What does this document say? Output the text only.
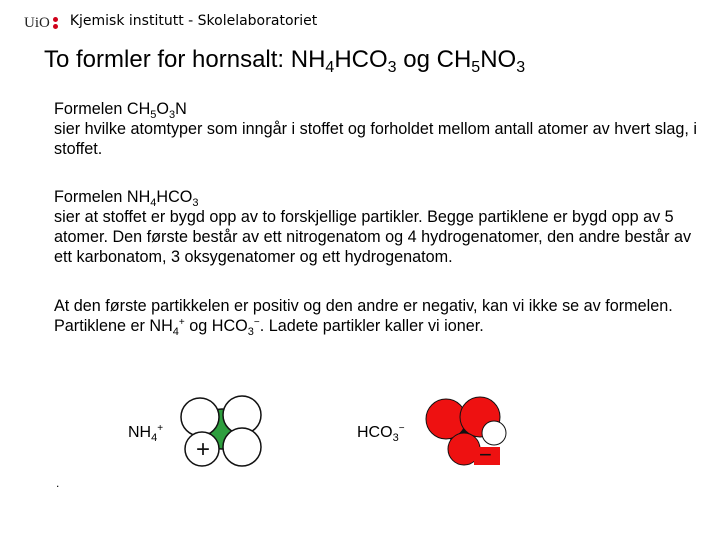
UiO Kjemisk institutt - Skolelaboratoriet
To formler for hornsalt: $NH_4HCO_3$ og $CH_5NO_3$
Formelen $CH_5O_3N$
sier hvilke atomtyper som inngår i stoffet og forholdet mellom antall atomer av hvert slag, i stoffet.
Formelen $NH_4HCO_3$
sier at stoffet er bygd opp av to forskjellige partikler. Begge partiklene er bygd opp av 5 atomer. Den første består av ett nitrogenatom og 4 hydrogenatomer, den andre består av ett karbonatom, 3 oksygenatomer og ett hydrogenatom.
At den første partikkelen er positiv og den andre er negativ, kan vi ikke se av formelen. Partiklene er $NH_4^+$ og $HCO_3^-$. Ladete partikler kaller vi ioner.
$NH_4^+$
+
$HCO_3^-$
−
.
